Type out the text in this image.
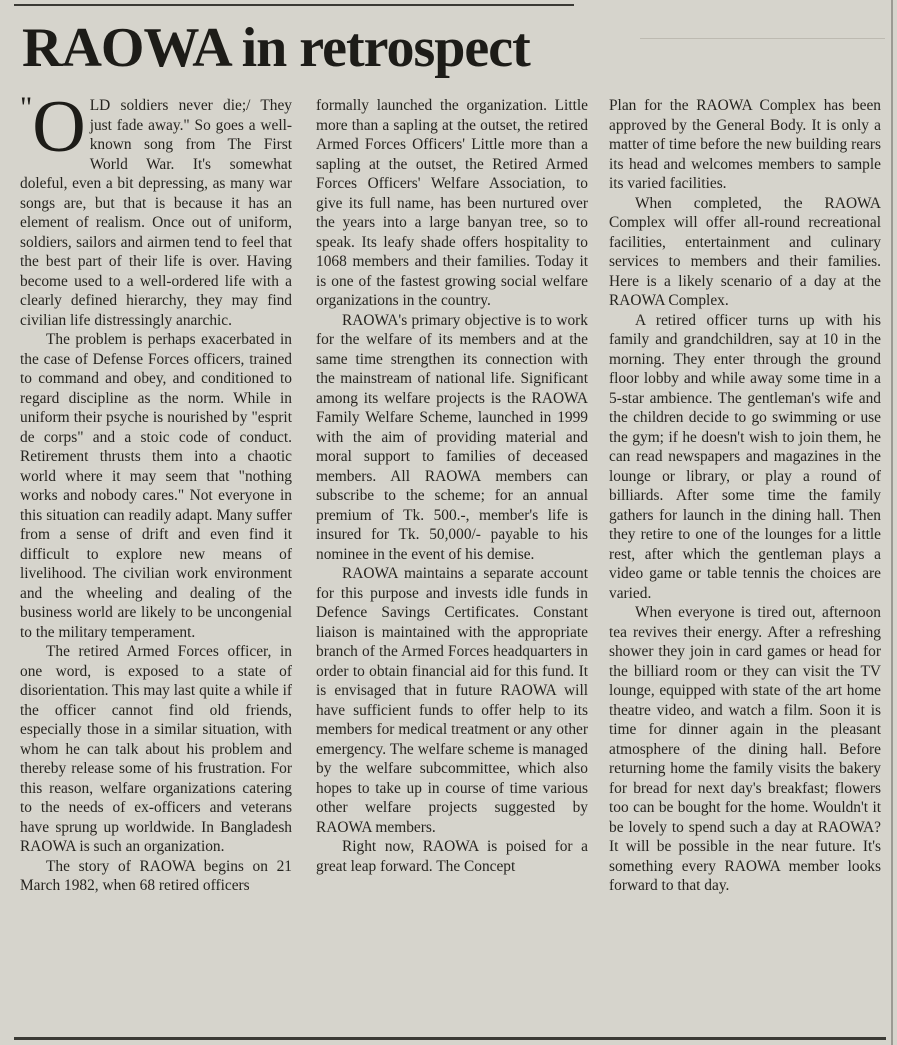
RAOWA in retrospect

"O LD soldiers never die;/ They just fade away." So goes a well-known song from The First World War. It's somewhat doleful, even a bit depressing, as many war songs are, but that is because it has an element of realism. Once out of uniform, soldiers, sailors and airmen tend to feel that the best part of their life is over. Having become used to a well-ordered life with a clearly defined hierarchy, they may find civilian life distressingly anarchic.

The problem is perhaps exacerbated in the case of Defense Forces officers, trained to command and obey, and conditioned to regard discipline as the norm. While in uniform their psyche is nourished by "esprit de corps" and a stoic code of conduct. Retirement thrusts them into a chaotic world where it may seem that "nothing works and nobody cares." Not everyone in this situation can readily adapt. Many suffer from a sense of drift and even find it difficult to explore new means of livelihood. The civilian work environment and the wheeling and dealing of the business world are likely to be uncongenial to the military temperament.

The retired Armed Forces officer, in one word, is exposed to a state of disorientation. This may last quite a while if the officer cannot find old friends, especially those in a similar situation, with whom he can talk about his problem and thereby release some of his frustration. For this reason, welfare organizations catering to the needs of ex-officers and veterans have sprung up worldwide. In Bangladesh RAOWA is such an organization.

The story of RAOWA begins on 21 March 1982, when 68 retired officers

formally launched the organization. Little more than a sapling at the outset, the retired Armed Forces Officers' Little more than a sapling at the outset, the Retired Armed Forces Officers' Welfare Association, to give its full name, has been nurtured over the years into a large banyan tree, so to speak. Its leafy shade offers hospitality to 1068 members and their families. Today it is one of the fastest growing social welfare organizations in the country.

RAOWA's primary objective is to work for the welfare of its members and at the same time strengthen its connection with the mainstream of national life. Significant among its welfare projects is the RAOWA Family Welfare Scheme, launched in 1999 with the aim of providing material and moral support to families of deceased members. All RAOWA members can subscribe to the scheme; for an annual premium of Tk. 500.-, member's life is insured for Tk. 50,000/- payable to his nominee in the event of his demise.

RAOWA maintains a separate account for this purpose and invests idle funds in Defence Savings Certificates. Constant liaison is maintained with the appropriate branch of the Armed Forces headquarters in order to obtain financial aid for this fund. It is envisaged that in future RAOWA will have sufficient funds to offer help to its members for medical treatment or any other emergency. The welfare scheme is managed by the welfare subcommittee, which also hopes to take up in course of time various other welfare projects suggested by RAOWA members.

Right now, RAOWA is poised for a great leap forward. The Concept

Plan for the RAOWA Complex has been approved by the General Body. It is only a matter of time before the new building rears its head and welcomes members to sample its varied facilities.

When completed, the RAOWA Complex will offer all-round recreational facilities, entertainment and culinary services to members and their families. Here is a likely scenario of a day at the RAOWA Complex.

A retired officer turns up with his family and grandchildren, say at 10 in the morning. They enter through the ground floor lobby and while away some time in a 5-star ambience. The gentleman's wife and the children decide to go swimming or use the gym; if he doesn't wish to join them, he can read newspapers and magazines in the lounge or library, or play a round of billiards. After some time the family gathers for launch in the dining hall. Then they retire to one of the lounges for a little rest, after which the gentleman plays a video game or table tennis the choices are varied.

When everyone is tired out, afternoon tea revives their energy. After a refreshing shower they join in card games or head for the billiard room or they can visit the TV lounge, equipped with state of the art home theatre video, and watch a film. Soon it is time for dinner again in the pleasant atmosphere of the dining hall. Before returning home the family visits the bakery for bread for next day's breakfast; flowers too can be bought for the home. Wouldn't it be lovely to spend such a day at RAOWA? It will be possible in the near future. It's something every RAOWA member looks forward to that day.
